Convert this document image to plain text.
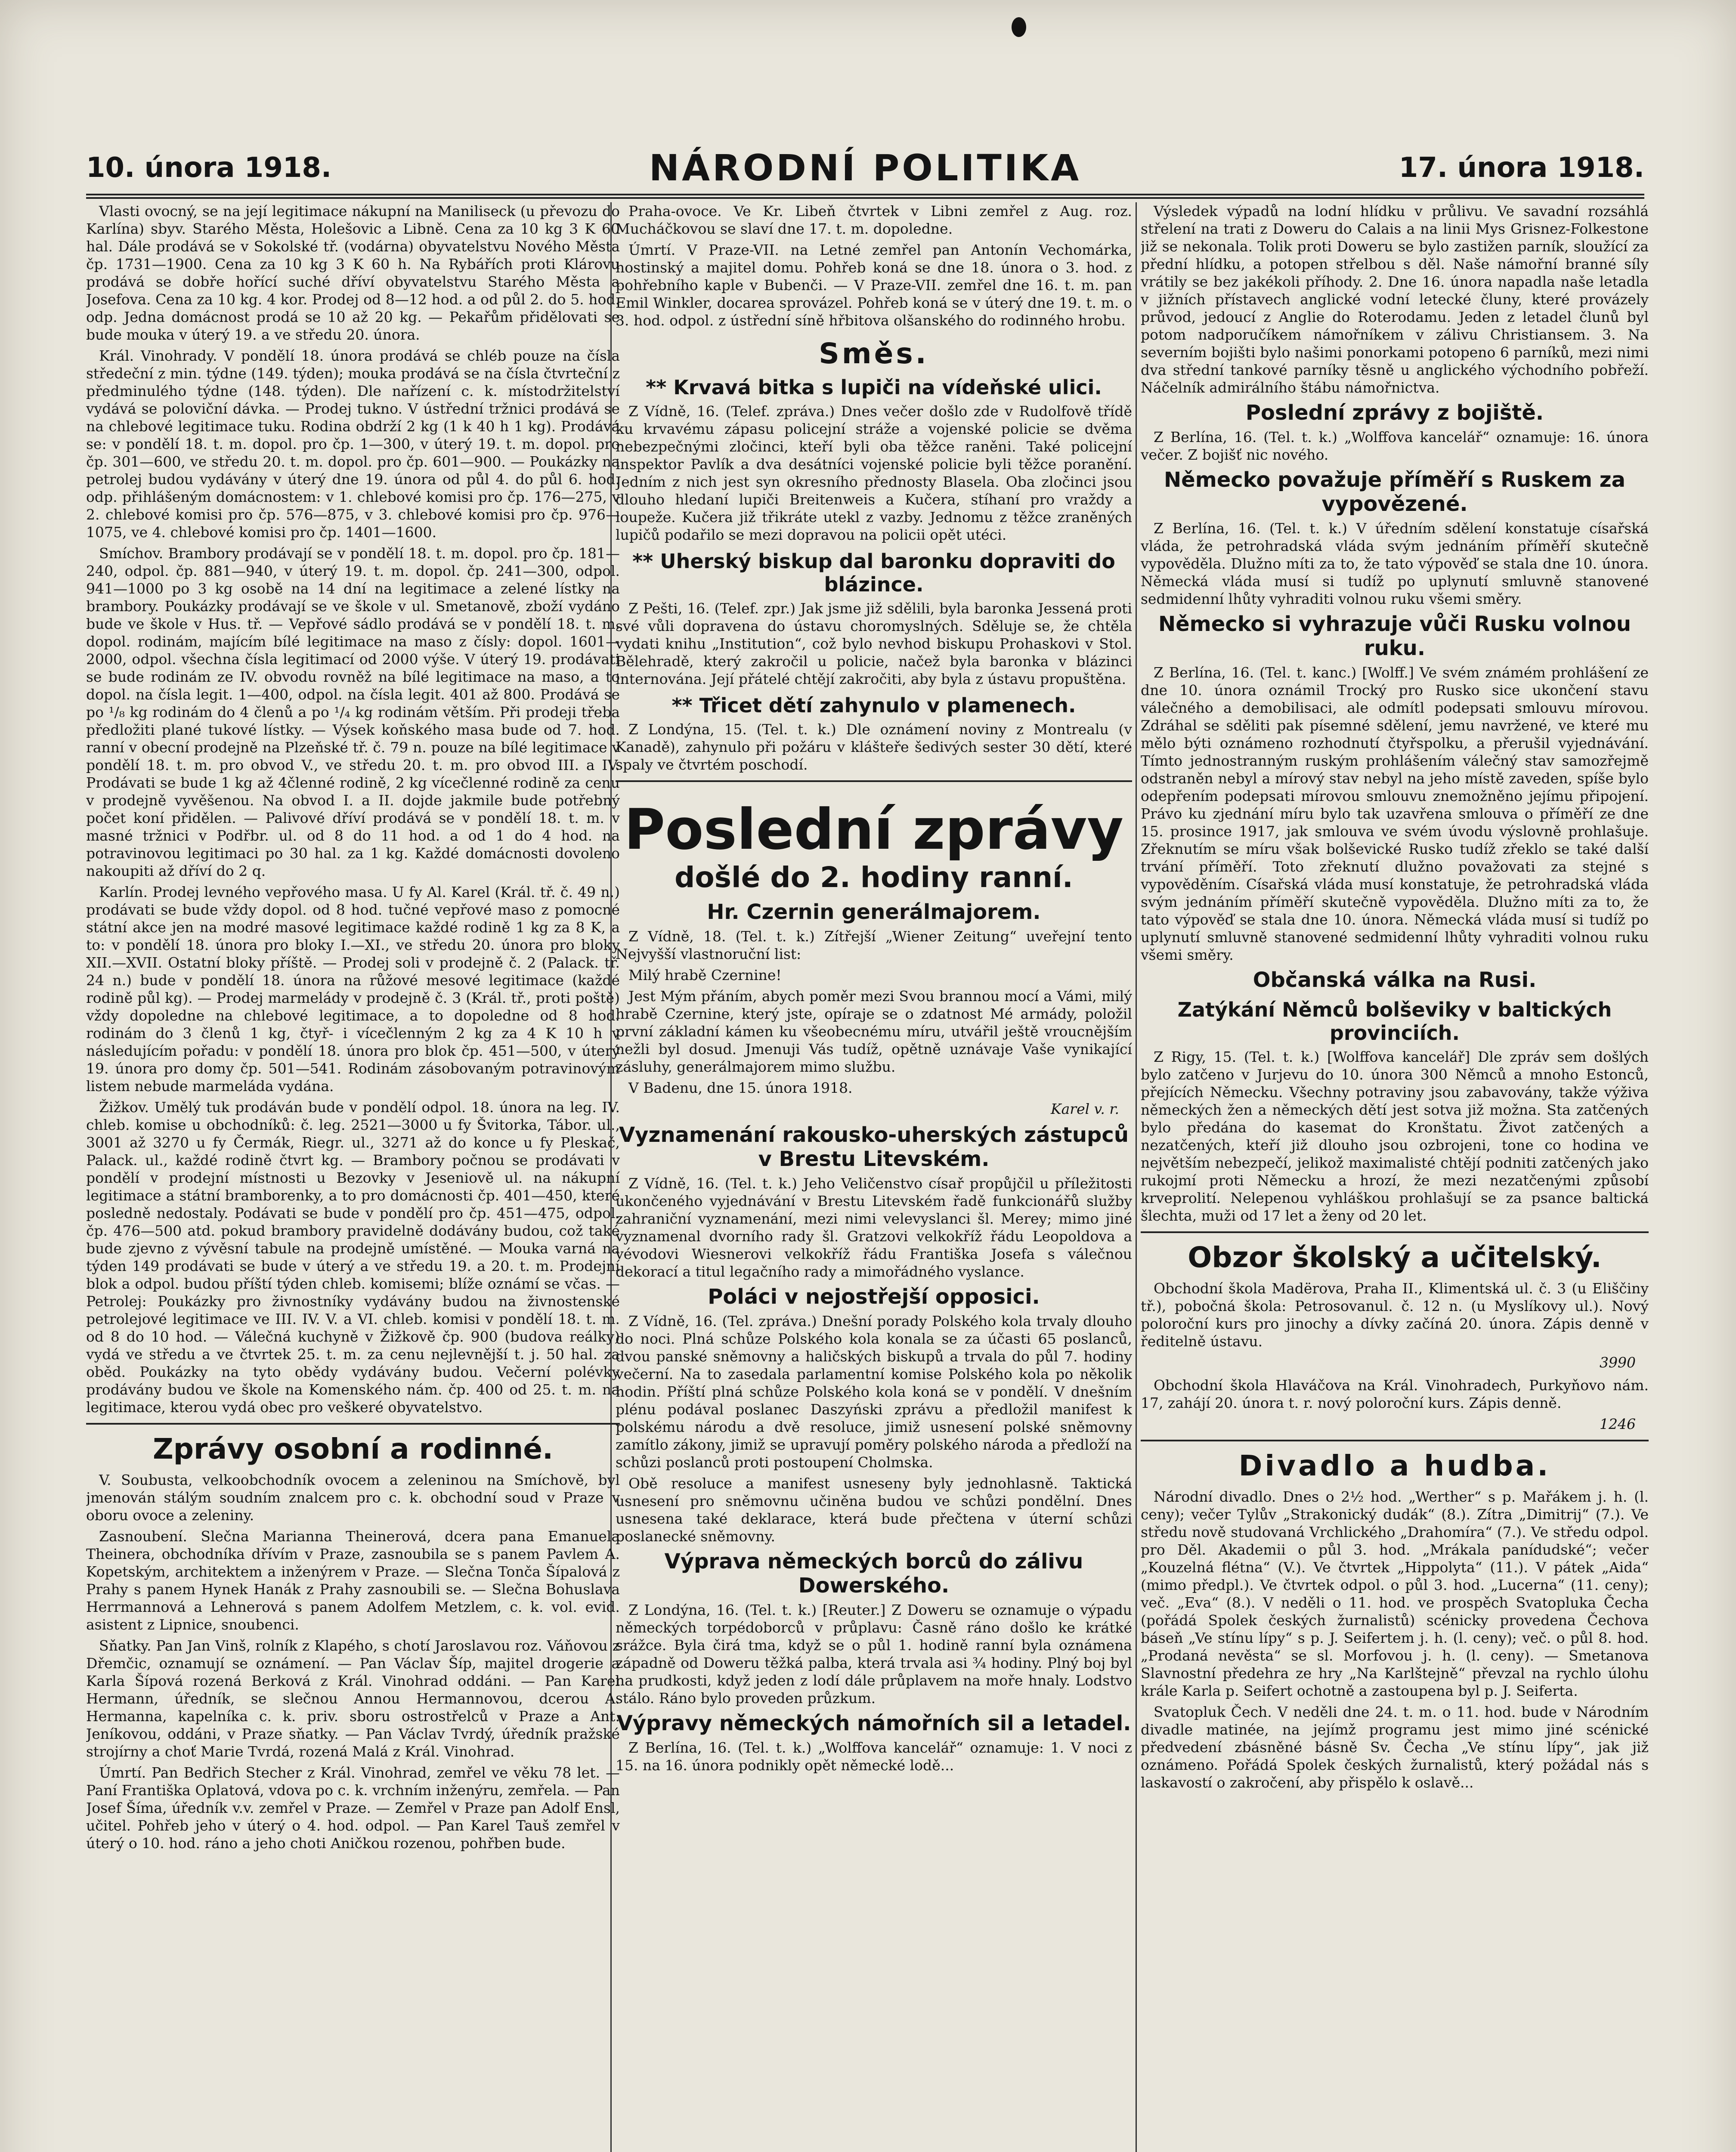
10. února 1918.	NÁRODNÍ POLITIKA	17. února 1918.

Vlasti ovocný, se na její legitimace nákupní na Maniliseck (u převozu do Karlína) sbyv. Starého Města, Holešovic a Libně. Cena za 10 kg 3 K 60 hal. Dále prodává se v Sokolské tř. (vodárna) obyvatelstvu Nového Města čp. 1731—1900. Cena za 10 kg 3 K 60 h. Na Rybářích proti Klárovu prodává se dobře hořící suché dříví obyvatelstvu Starého Města a Josefova. Cena za 10 kg. 4 kor. Prodej od 8—12 hod. a od půl 2. do 5. hod. odp. Jedna domácnost prodá se 10 až 20 kg. — Pekařům přidělovati se bude mouka v úterý 19. a ve středu 20. února.

Král. Vinohrady. V pondělí 18. února prodává se chléb pouze na čísla středeční z min. týdne (149. týden); mouka prodává se na čísla čtvrteční z předminulého týdne (148. týden). Dle nařízení c. k. místodržitelství vydává se poloviční dávka. — Prodej tukno. V ústřední tržnici prodává se na chlebové legitimace tuku. Rodina obdrží 2 kg (1 k 40 h 1 kg). Prodává se: v pondělí 18. t. m. dopol. pro čp. 1—300, v úterý 19. t. m. dopol. pro čp. 301—600, ve středu 20. t. m. dopol. pro čp. 601—900. — Poukázky na petrolej budou vydávány v úterý dne 19. února od půl 4. do půl 6. hod. odp. přihlášeným domácnostem: v 1. chlebové komisi pro čp. 176—275, v 2. chlebové komisi pro čp. 576—875, v 3. chlebové komisi pro čp. 976—1075, ve 4. chlebové komisi pro čp. 1401—1600.

Smíchov. Brambory prodávají se v pondělí 18. t. m. dopol. pro čp. 181—240, odpol. čp. 881—940, v úterý 19. t. m. dopol. čp. 241—300, odpol. 941—1000 po 3 kg osobě na 14 dní na legitimace a zelené lístky na brambory. Poukázky prodávají se ve škole v ul. Smetanově, zboží vydáno bude ve škole v Hus. tř. — Vepřové sádlo prodává se v pondělí 18. t. m. dopol. rodinám, majícím bílé legitimace na maso z čísly: dopol. 1601—2000, odpol. všechna čísla legitimací od 2000 výše. V úterý 19. prodávati se bude rodinám ze IV. obvodu rovněž na bílé legitimace na maso, a to dopol. na čísla legit. 1—400, odpol. na čísla legit. 401 až 800. Prodává se po ¹/₈ kg rodinám do 4 členů a po ¹/₄ kg rodinám větším. Při prodeji třeba předložiti plané tukové lístky. — Výsek koňského masa bude od 7. hod. ranní v obecní prodejně na Plzeňské tř. č. 79 n. pouze na bílé legitimace v pondělí 18. t. m. pro obvod V., ve středu 20. t. m. pro obvod III. a IV. Prodávati se bude 1 kg až 4členné rodině, 2 kg vícečlenné rodině za cenu v prodejně vyvěšenou. Na obvod I. a II. dojde jakmile bude potřebný počet koní přidělen. — Palivové dříví prodává se v pondělí 18. t. m. v masné tržnici v Podřbr. ul. od 8 do 11 hod. a od 1 do 4 hod. na potravinovou legitimaci po 30 hal. za 1 kg. Každé domácnosti dovoleno nakoupiti až dříví do 2 q.

Karlín. Prodej levného vepřového masa. U fy Al. Karel (Král. tř. č. 49 n.) prodávati se bude vždy dopol. od 8 hod. tučné vepřové maso z pomocné státní akce jen na modré masové legitimace každé rodině 1 kg za 8 K, a to: v pondělí 18. února pro bloky I.—XI., ve středu 20. února pro bloky XII.—XVII. Ostatní bloky příště. — Prodej soli v prodejně č. 2 (Palack. tř. 24 n.) bude v pondělí 18. února na růžové mesové legitimace (každé rodině půl kg). — Prodej marmelády v prodejně č. 3 (Král. tř., proti poště) vždy dopoledne na chlebové legitimace, a to dopoledne od 8 hod. rodinám do 3 členů 1 kg, čtyř- i vícečlenným 2 kg za 4 K 10 h v následujícím pořadu: v pondělí 18. února pro blok čp. 451—500, v úterý 19. února pro domy čp. 501—541. Rodinám zásobovaným potravinovým listem nebude marmeláda vydána.

Žižkov. Umělý tuk prodáván bude v pondělí odpol. 18. února na leg. IV. chleb. komise u obchodníků: č. leg. 2521—3000 u fy Švitorka, Tábor. ul., 3001 až 3270 u fy Čermák, Riegr. ul., 3271 až do konce u fy Pleskač, Palack. ul., každé rodině čtvrt kg. — Brambory počnou se prodávati v pondělí v prodejní místnosti u Bezovky v Jeseniově ul. na nákupní legitimace a státní bramborenky, a to pro domácnosti čp. 401—450, které posledně nedostaly. Podávati se bude v pondělí pro čp. 451—475, odpol. čp. 476—500 atd. pokud brambory pravidelně dodávány budou, což také bude zjevno z vývěsní tabule na prodejně umístěné. — Mouka varná na týden 149 prodávati se bude v úterý a ve středu 19. a 20. t. m. Prodejní blok a odpol. budou příští týden chleb. komisemi; blíže oznámí se včas. — Petrolej: Poukázky pro živnostníky vydávány budou na živnostenské petrolejové legitimace ve III. IV. V. a VI. chleb. komisi v pondělí 18. t. m. od 8 do 10 hod. — Válečná kuchyně v Žižkově čp. 900 (budova reálky) vydá ve středu a ve čtvrtek 25. t. m. za cenu nejlevnější t. j. 50 hal. za oběd. Poukázky na tyto obědy vydávány budou. Večerní polévky prodávány budou ve škole na Komenského nám. čp. 400 od 25. t. m. na legitimace, kterou vydá obec pro veškeré obyvatelstvo.

Zprávy osobní a rodinné.

V. Soubusta, velkoobchodník ovocem a zeleninou na Smíchově, byl jmenován stálým soudním znalcem pro c. k. obchodní soud v Praze v oboru ovoce a zeleniny.

Zasnoubení. Slečna Marianna Theinerová, dcera pana Emanuela Theinera, obchodníka dřívím v Praze, zasnoubila se s panem Pavlem A. Kopetským, architektem a inženýrem v Praze. — Slečna Tonča Šípalová z Prahy s panem Hynek Hanák z Prahy zasnoubili se. — Slečna Bohuslava Herrmannová a Lehnerová s panem Adolfem Metzlem, c. k. vol. evid. asistent z Lipnice, snoubenci.

Sňatky. Pan Jan Vinš, rolník z Klapého, s chotí Jaroslavou roz. Váňovou z Dřemčic, oznamují se oznámení. — Pan Václav Šíp, majitel drogerie a Karla Šípová rozená Berková z Král. Vinohrad oddáni. — Pan Karel Hermann, úředník, se slečnou Annou Hermannovou, dcerou A. Hermanna, kapelníka c. k. priv. sboru ostrostřelců v Praze a Ant. Jeníkovou, oddáni, v Praze sňatky. — Pan Václav Tvrdý, úředník pražské strojírny a choť Marie Tvrdá, rozená Malá z Král. Vinohrad.

Úmrtí. Pan Bedřich Stecher z Král. Vinohrad, zemřel ve věku 78 let. — Paní Františka Oplatová, vdova po c. k. vrchním inženýru, zemřela. — Pan Josef Šíma, úředník v.v. zemřel v Praze. — Zemřel v Praze pan Adolf Ensl, učitel. Pohřeb jeho v úterý o 4. hod. odpol. — Pan Karel Tauš zemřel v úterý o 10. hod. ráno a jeho choti Aničkou rozenou, pohřben bude.

Praha-ovoce. Ve Kr. Libeň čtvrtek v Libni zemřel z Aug. roz. Mucháčkovou se slaví dne 17. t. m. dopoledne.

Úmrtí. V Praze-VII. na Letné zemřel pan Antonín Vechomárka, hostinský a majitel domu. Pohřeb koná se dne 18. února o 3. hod. z pohřebního kaple v Bubenči. — V Praze-VII. zemřel dne 16. t. m. pan Emil Winkler, docarea sprovázel. Pohřeb koná se v úterý dne 19. t. m. o 3. hod. odpol. z ústřední síně hřbitova olšanského do rodinného hrobu.

Směs.
** Krvavá bitka s lupiči na vídeňské ulici.

Z Vídně, 16. (Telef. zpráva.) Dnes večer došlo zde v Rudolfově třídě ku krvavému zápasu policejní stráže a vojenské policie se dvěma nebezpečnými zločinci, kteří byli oba těžce raněni. Také policejní inspektor Pavlík a dva desátníci vojenské policie byli těžce poranění. Jedním z nich jest syn okresního přednosty Blasela. Oba zločinci jsou dlouho hledaní lupiči Breitenweis a Kučera, stíhaní pro vraždy a loupeže. Kučera již třikráte utekl z vazby. Jednomu z těžce zraněných lupičů podařilo se mezi dopravou na policii opět utéci.

** Uherský biskup dal baronku dopraviti do blázince.

Z Pešti, 16. (Telef. zpr.) Jak jsme již sdělili, byla baronka Jessená proti své vůli dopravena do ústavu choromyslných. Sděluje se, že chtěla vydati knihu „Institution“, což bylo nevhod biskupu Prohaskovi v Stol. Bělehradě, který zakročil u policie, načež byla baronka v blázinci internována. Její přátelé chtějí zakročiti, aby byla z ústavu propuštěna.

** Třicet dětí zahynulo v plamenech.

Z Londýna, 15. (Tel. t. k.) Dle oznámení noviny z Montrealu (v Kanadě), zahynulo při požáru v klášteře šedivých sester 30 dětí, které spaly ve čtvrtém poschodí.

Poslední zprávy
došlé do 2. hodiny ranní.
Hr. Czernin generálmajorem.

Z Vídně, 18. (Tel. t. k.) Zítřejší „Wiener Zeitung“ uveřejní tento Nejvyšší vlastnoruční list:

Milý hrabě Czernine!

Jest Mým přáním, abych poměr mezi Svou brannou mocí a Vámi, milý hrabě Czernine, který jste, opíraje se o zdatnost Mé armády, položil první základní kámen ku všeobecnému míru, utvářil ještě vroucnějším nežli byl dosud. Jmenuji Vás tudíž, opětně uznávaje Vaše vynikající zásluhy, generálmajorem mimo službu.

V Badenu, dne 15. února 1918.

Karel v. r.
Vyznamenání rakousko-uherských zástupců v Brestu Litevském.

Z Vídně, 16. (Tel. t. k.) Jeho Veličenstvo císař propůjčil u příležitosti ukončeného vyjednávání v Brestu Litevském řadě funkcionářů služby zahraniční vyznamenání, mezi nimi velevyslanci šl. Merey; mimo jiné vyznamenal dvorního rady šl. Gratzovi velkokříž řádu Leopoldova a vévodovi Wiesnerovi velkokříž řádu Františka Josefa s válečnou dekorací a titul legačního rady a mimořádného vyslance.

Poláci v nejostřejší opposici.

Z Vídně, 16. (Tel. zpráva.) Dnešní porady Polského kola trvaly dlouho do noci. Plná schůze Polského kola konala se za účasti 65 poslanců, dvou panské sněmovny a haličských biskupů a trvala do půl 7. hodiny večerní. Na to zasedala parlamentní komise Polského kola po několik hodin. Příští plná schůze Polského kola koná se v pondělí. V dnešním plénu podával poslanec Daszyński zprávu a předložil manifest k polskému národu a dvě resoluce, jimiž usnesení polské sněmovny zamítlo zákony, jimiž se upravují poměry polského národa a předloží na schůzi poslanců proti postoupení Cholmska.

Obě resoluce a manifest usneseny byly jednohlasně. Taktická usnesení pro sněmovnu učiněna budou ve schůzi pondělní. Dnes usnesena také deklarace, která bude přečtena v úterní schůzi poslanecké sněmovny.

Výprava německých borců do zálivu Dowerského.

Z Londýna, 16. (Tel. t. k.) [Reuter.] Z Doweru se oznamuje o výpadu německých torpédoborců v průplavu: Časně ráno došlo ke krátké srážce. Byla čirá tma, když se o půl 1. hodině ranní byla oznámena západně od Doweru těžká palba, která trvala asi ¾ hodiny. Plný boj byl na prudkosti, když jeden z lodí dále průplavem na moře hnaly. Lodstvo stálo. Ráno bylo proveden průzkum.

Výpravy německých námořních sil a letadel.

Z Berlína, 16. (Tel. t. k.) „Wolffova kancelář“ oznamuje: 1. V noci z 15. na 16. února podnikly opět německé lodě...

Výsledek výpadů na lodní hlídku v průlivu. Ve savadní rozsáhlá střelení na trati z Doweru do Calais a na linii Mys Grisnez-Folkestone již se nekonala. Tolik proti Doweru se bylo zastižen parník, sloužící za přední hlídku, a potopen střelbou s děl. Naše námořní branné síly vrátily se bez jakékoli příhody. 2. Dne 16. února napadla naše letadla v jižních přístavech anglické vodní letecké čluny, které provázely průvod, jedoucí z Anglie do Roterodamu. Jeden z letadel člunů byl potom nadporučíkem námořníkem v zálivu Christiansem. 3. Na severním bojišti bylo našimi ponorkami potopeno 6 parníků, mezi nimi dva střední tankové parníky těsně u anglického východního pobřeží. Náčelník admirálního štábu námořnictva.

Poslední zprávy z bojiště.

Z Berlína, 16. (Tel. t. k.) „Wolffova kancelář“ oznamuje: 16. února večer. Z bojišť nic nového.

Německo považuje příměří s Ruskem za vypovězené.

Z Berlína, 16. (Tel. t. k.) V úředním sdělení konstatuje císařská vláda, že petrohradská vláda svým jednáním příměří skutečně vypověděla. Dlužno míti za to, že tato výpověď se stala dne 10. února. Německá vláda musí si tudíž po uplynutí smluvně stanovené sedmidenní lhůty vyhraditi volnou ruku všemi směry.

Německo si vyhrazuje vůči Rusku volnou ruku.

Z Berlína, 16. (Tel. t. kanc.) [Wolff.] Ve svém známém prohlášení ze dne 10. února oznámil Trocký pro Rusko sice ukončení stavu válečného a demobilisaci, ale odmítl podepsati smlouvu mírovou. Zdráhal se sděliti pak písemné sdělení, jemu navržené, ve které mu mělo býti oznámeno rozhodnutí čtyřspolku, a přerušil vyjednávání. Tímto jednostranným ruským prohlášením válečný stav samozřejmě odstraněn nebyl a mírový stav nebyl na jeho místě zaveden, spíše bylo odepřením podepsati mírovou smlouvu znemožněno jejímu připojení. Právo ku zjednání míru bylo tak uzavřena smlouva o příměří ze dne 15. prosince 1917, jak smlouva ve svém úvodu výslovně prohlašuje. Zřeknutím se míru však bolševické Rusko tudíž zřeklo se také další trvání příměří. Toto zřeknutí dlužno považovati za stejné s vypověděním. Císařská vláda musí konstatuje, že petrohradská vláda svým jednáním příměří skutečně vypověděla. Dlužno míti za to, že tato výpověď se stala dne 10. února. Německá vláda musí si tudíž po uplynutí smluvně stanovené sedmidenní lhůty vyhraditi volnou ruku všemi směry.

Občanská válka na Rusi.
Zatýkání Němců bolševiky v baltických provinciích.

Z Rigy, 15. (Tel. t. k.) [Wolffova kancelář] Dle zpráv sem došlých bylo zatčeno v Jurjevu do 10. února 300 Němců a mnoho Estonců, přejících Německu. Všechny potraviny jsou zabavovány, takže výživa německých žen a německých dětí jest sotva již možna. Sta zatčených bylo předána do kasemat do Kronštatu. Život zatčených a nezatčených, kteří již dlouho jsou ozbrojeni, tone co hodina ve největším nebezpečí, jelikož maximalisté chtějí podniti zatčených jako rukojmí proti Německu a hrozí, že mezi nezatčenými způsobí krveprolití. Nelepenou vyhláškou prohlašují se za psance baltická šlechta, muži od 17 let a ženy od 20 let.

Obzor školský a učitelský.

Obchodní škola Madёrova, Praha II., Klimentská ul. č. 3 (u Eliščiny tř.), pobočná škola: Petrosovanul. č. 12 n. (u Myslíkovy ul.). Nový poloroční kurs pro jinochy a dívky začíná 20. února. Zápis denně v ředitelně ústavu.

3990

Obchodní škola Hlaváčova na Král. Vinohradech, Purkyňovo nám. 17, zahájí 20. února t. r. nový poloroční kurs. Zápis denně.

1246
Divadlo a hudba.

Národní divadlo. Dnes o 2½ hod. „Werther“ s p. Mařákem j. h. (l. ceny); večer Tylův „Strakonický dudák“ (8.). Zítra „Dimitrij“ (7.). Ve středu nově studovaná Vrchlického „Drahomíra“ (7.). Ve středu odpol. pro Děl. Akademii o půl 3. hod. „Mrákala panídudské“; večer „Kouzelná flétna“ (V.). Ve čtvrtek „Hippolyta“ (11.). V pátek „Aida“ (mimo předpl.). Ve čtvrtek odpol. o půl 3. hod. „Lucerna“ (11. ceny); več. „Eva“ (8.). V neděli o 11. hod. ve prospěch Svatopluka Čecha (pořádá Spolek českých žurnalistů) scénicky provedena Čechova báseň „Ve stínu lípy“ s p. J. Seifertem j. h. (l. ceny); več. o půl 8. hod. „Prodaná nevěsta“ se sl. Morfovou j. h. (l. ceny). — Smetanova Slavnostní předehra ze hry „Na Karlštejně“ převzal na rychlo úlohu krále Karla p. Seifert ochotně a zastoupena byl p. J. Seiferta.

Svatopluk Čech. V neděli dne 24. t. m. o 11. hod. bude v Národním divadle matinée, na jejímž programu jest mimo jiné scénické předvedení zbásněné básně Sv. Čecha „Ve stínu lípy“, jak již oznámeno. Pořádá Spolek českých žurnalistů, který požádal nás s laskavostí o zakročení, aby přispělo k oslavě...
